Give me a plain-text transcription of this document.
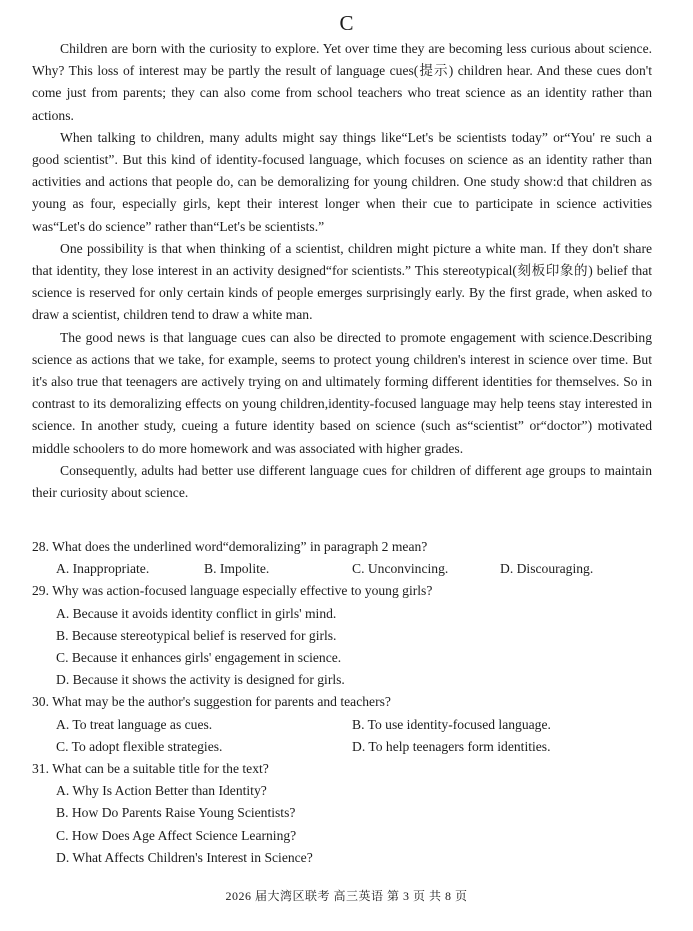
C

Children are born with the curiosity to explore. Yet over time they are becoming less curious about science. Why? This loss of interest may be partly the result of language cues(提示) children hear. And these cues don't come just from parents; they can also come from school teachers who treat science as an identity rather than actions.

When talking to children, many adults might say things like“Let's be scientists today” or“You' re such a good scientist”. But this kind of identity-focused language, which focuses on science as an identity rather than activities and actions that people do, can be demoralizing for young children. One study show:d that children as young as four, especially girls, kept their interest longer when their cue to participate in science activities was“Let's do science” rather than“Let's be scientists.”

One possibility is that when thinking of a scientist, children might picture a white man. If they don't share that identity, they lose interest in an activity designed“for scientists.” This stereotypical(刻板印象的) belief that science is reserved for only certain kinds of people emerges surprisingly early. By the first grade, when asked to draw a scientist, children tend to draw a white man.

The good news is that language cues can also be directed to promote engagement with science.Describing science as actions that we take, for example, seems to protect young children's interest in science over time. But it's also true that teenagers are actively trying on and ultimately forming different identities for themselves. So in contrast to its demoralizing effects on young children,identity-focused language may help teens stay interested in science. In another study, cueing a future identity based on science (such as“scientist” or“doctor”) motivated middle schoolers to do more homework and was associated with higher grades.

Consequently, adults had better use different language cues for children of different age groups to maintain their curiosity about science.

28. What does the underlined word“demoralizing” in paragraph 2 mean?

A. Inappropriate.	B. Impolite.	C. Unconvincing.	D. Discouraging.

29. Why was action-focused language especially effective to young girls?

A. Because it avoids identity conflict in girls' mind.
B. Because stereotypical belief is reserved for girls.
C. Because it enhances girls' engagement in science.
D. Because it shows the activity is designed for girls.

30. What may be the author's suggestion for parents and teachers?

A. To treat language as cues.	B. To use identity-focused language.
C. To adopt flexible strategies.	D. To help teenagers form identities.

31. What can be a suitable title for the text?

A. Why Is Action Better than Identity?
B. How Do Parents Raise Young Scientists?
C. How Does Age Affect Science Learning?
D. What Affects Children's Interest in Science?
2026 届大湾区联考 高三英语 第 3 页 共 8 页
